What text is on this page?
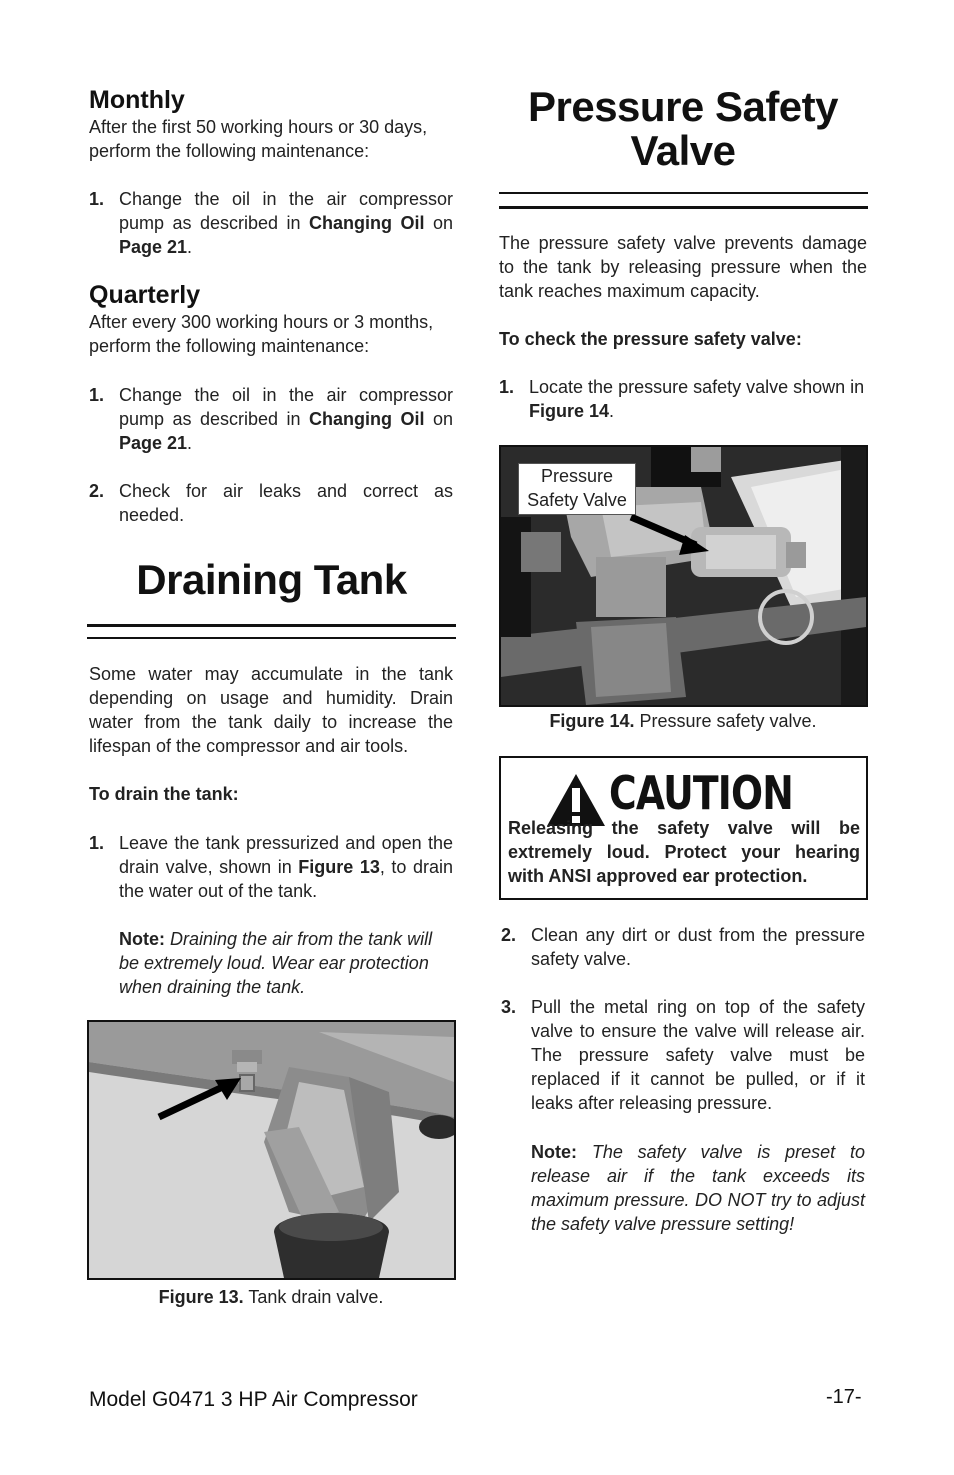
Monthly
After the first 50 working hours or 30 days, perform the following maintenance:
1. Change the oil in the air compressor pump as described in Changing Oil on Page 21.
Quarterly
After every 300 working hours or 3 months, perform the following maintenance:
1. Change the oil in the air compressor pump as described in Changing Oil on Page 21.
2. Check for air leaks and correct as needed.
Draining Tank
Some water may accumulate in the tank depending on usage and humidity. Drain water from the tank daily to increase the lifespan of the compressor and air tools.
To drain the tank:
1. Leave the tank pressurized and open the drain valve, shown in Figure 13, to drain the water out of the tank.
Note: Draining the air from the tank will be extremely loud. Wear ear protection when draining the tank.
Figure 13. Tank drain valve.
Pressure Safety
Valve
The pressure safety valve prevents damage to the tank by releasing pressure when the tank reaches maximum capacity.
To check the pressure safety valve:
1. Locate the pressure safety valve shown in Figure 14.
Pressure
Safety Valve
Figure 14. Pressure safety valve.
CAUTION
Releasing the safety valve will be extremely loud. Protect your hearing with ANSI approved ear protection.
2. Clean any dirt or dust from the pressure safety valve.
3. Pull the metal ring on top of the safety valve to ensure the valve will release air. The pressure safety valve must be replaced if it cannot be pulled, or if it leaks after releasing pressure.
Note: The safety valve is preset to release air if the tank exceeds its maximum pressure. DO NOT try to adjust the safety valve pressure setting!
Model G0471 3 HP Air Compressor	-17-
